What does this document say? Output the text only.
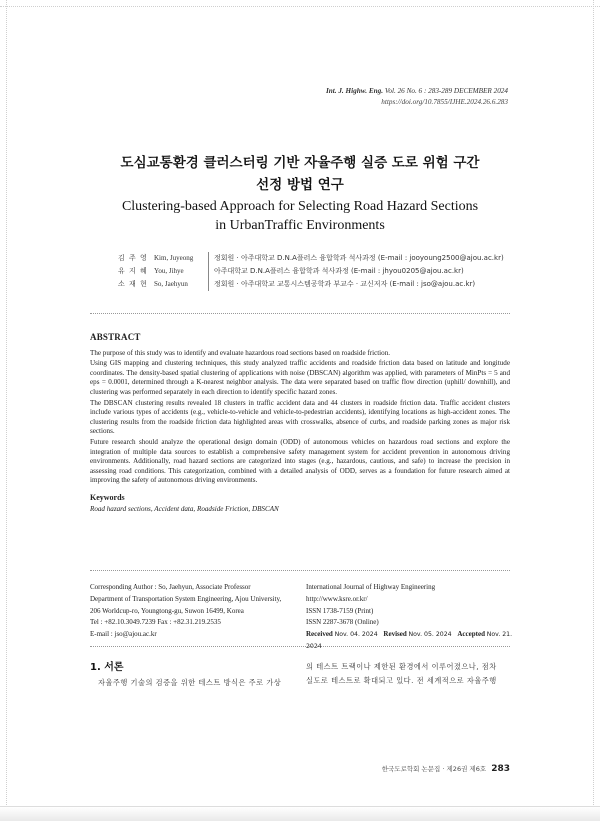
Int. J. Highw. Eng. Vol. 26 No. 6 : 283-289 DECEMBER 2024
https://doi.org/10.7855/IJHE.2024.26.6.283
도심교통환경 클러스터링 기반 자율주행 실증 도로 위험 구간
선정 방법 연구
Clustering-based Approach for Selecting Road Hazard Sections
in UrbanTraffic Environments
김 주 영 Kim, Juyeong	정회원 · 아주대학교 D.N.A플러스 융합학과 석사과정 (E-mail : jooyoung2500@ajou.ac.kr)
유 지 혜 You, Jihye	아주대학교 D.N.A플러스 융합학과 석사과정 (E-mail : jhyou0205@ajou.ac.kr)
소 재 현 So, Jaehyun	정회원 · 아주대학교 교통시스템공학과 부교수 · 교신저자 (E-mail : jso@ajou.ac.kr)
ABSTRACT

The purpose of this study was to identify and evaluate hazardous road sections based on roadside friction.

Using GIS mapping and clustering techniques, this study analyzed traffic accidents and roadside friction data based on latitude and longitude coordinates. The density-based spatial clustering of applications with noise (DBSCAN) algorithm was applied, with parameters of MinPts = 5 and eps = 0.0001, determined through a K-nearest neighbor analysis. The data were separated based on traffic flow direction (uphill/ downhill), and clustering was performed separately in each direction to identify specific hazard zones.

The DBSCAN clustering results revealed 18 clusters in traffic accident data and 44 clusters in roadside friction data. Traffic accident clusters include various types of accidents (e.g., vehicle-to-vehicle and vehicle-to-pedestrian accidents), identifying locations as high-accident zones. The clustering results from the roadside friction data highlighted areas with crosswalks, absence of curbs, and roadside parking zones as major risk sections.

Future research should analyze the operational design domain (ODD) of autonomous vehicles on hazardous road sections and explore the integration of multiple data sources to establish a comprehensive safety management system for accident prevention in autonomous driving environments. Additionally, road hazard sections are categorized into stages (e.g., hazardous, cautious, and safe) to increase the precision in assessing road conditions. This categorization, combined with a detailed analysis of ODD, serves as a foundation for future research aimed at improving the safety of autonomous driving environments.

Keywords
Road hazard sections, Accident data, Roadside Friction, DBSCAN
Corresponding Author : So, Jaehyun, Associate Professor
Department of Transportation System Engineering, Ajou University,
206 Worldcup-ro, Youngtong-gu, Suwon 16499, Korea
Tel : +82.10.3049.7239 Fax : +82.31.219.2535
E-mail : jso@ajou.ac.kr
International Journal of Highway Engineering
http://www.ksre.or.kr/
ISSN 1738-7159 (Print)
ISSN 2287-3678 (Online)
Received Nov. 04. 2024 Revised Nov. 05. 2024 Accepted Nov. 21. 2024
1. 서론
자율주행 기술의 검증을 위한 테스트 방식은 주로 가상
의 테스트 트랙이나 제한된 환경에서 이루어졌으나, 점차
실도로 테스트로 확대되고 있다. 전 세계적으로 자율주행
한국도로학회 논문집 · 제26권 제6호 283
